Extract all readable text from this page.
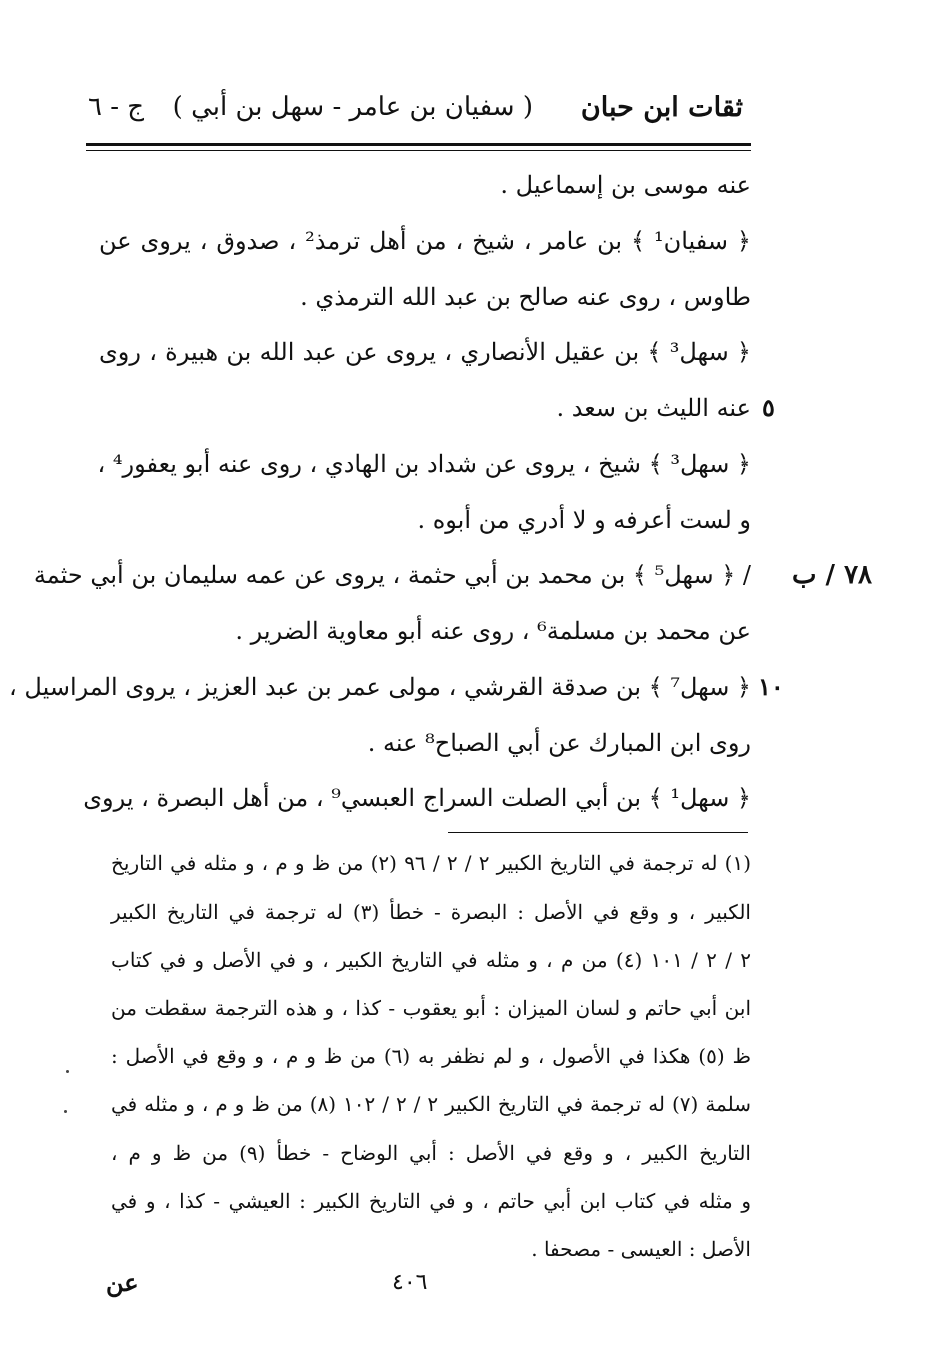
ثقات ابن حبان
( سفيان بن عامر - سهل بن أبي )
ج - ٦
عنه موسى بن إسماعيل .
﴿ سفيان¹ ﴾ بن عامر ، شيخ ، من أهل ترمذ² ، صدوق ، يروى عن
طاوس ، روى عنه صالح بن عبد الله الترمذي .
﴿ سهل³ ﴾ بن عقيل الأنصاري ، يروى عن عبد الله بن هبيرة ، روى
عنه الليث بن سعد .
﴿ سهل³ ﴾ شيخ ، يروى عن شداد بن الهادي ، روى عنه أبو يعفور⁴ ،
و لست أعرفه و لا أدري من أبوه .
/ ﴿ سهل⁵ ﴾ بن محمد بن أبي حثمة ، يروى عن عمه سليمان بن أبي حثمة
عن محمد بن مسلمة⁶ ، روى عنه أبو معاوية الضرير .
﴿ سهل⁷ ﴾ بن صدقة القرشي ، مولى عمر بن عبد العزيز ، يروى المراسيل ،
روى ابن المبارك عن أبي الصباح⁸ عنه .
﴿ سهل¹ ﴾ بن أبي الصلت السراج العبسي⁹ ، من أهل البصرة ، يروى
٥
١٠
٧٨ / ب
(١) له ترجمة في التاريخ الكبير ٢ / ٢ / ٩٦ (٢) من ظ و م ، و مثله في التاريخ
الكبير ، و وقع في الأصل : البصرة - خطأ (٣) له ترجمة في التاريخ الكبير
٢ / ٢ / ١٠١ (٤) من م ، و مثله في التاريخ الكبير ، و في الأصل و في كتاب
ابن أبي حاتم و لسان الميزان : أبو يعقوب - كذا ، و هذه الترجمة سقطت من
ظ (٥) هكذا في الأصول ، و لم نظفر به (٦) من ظ و م ، و وقع في الأصل :
سلمة (٧) له ترجمة في التاريخ الكبير ٢ / ٢ / ١٠٢ (٨) من ظ و م ، و مثله في
التاريخ الكبير ، و وقع في الأصل : أبي الوضاح - خطأ (٩) من ظ و م ،
و مثله في كتاب ابن أبي حاتم ، و في التاريخ الكبير : العيشي - كذا ، و في
الأصل : العيسى - مصحفا .
٤٠٦
عن
